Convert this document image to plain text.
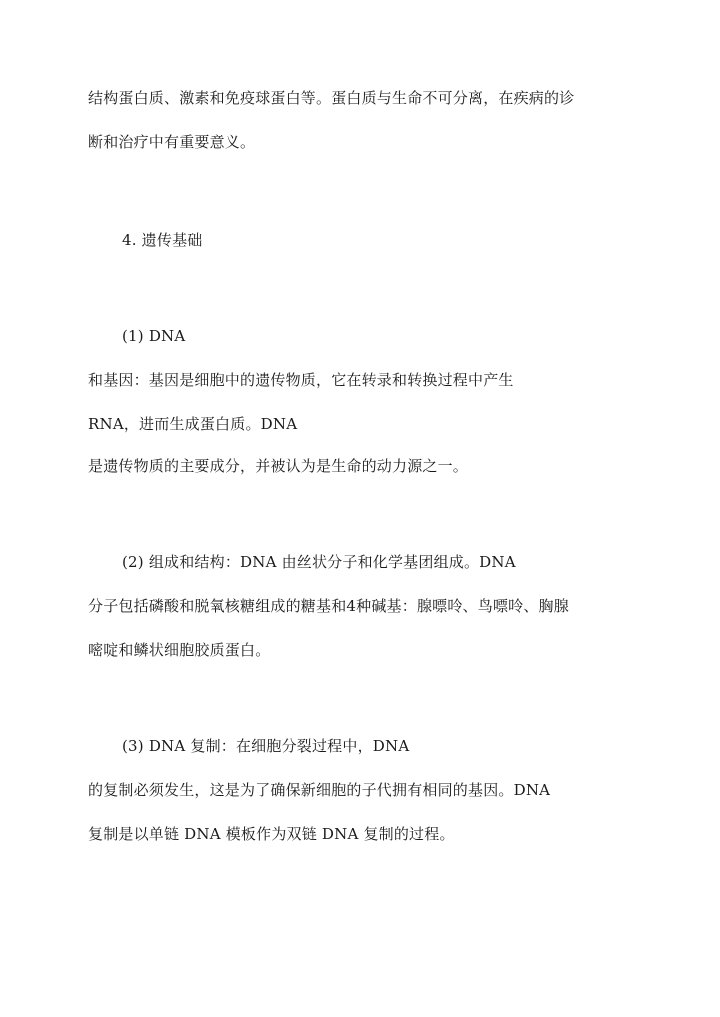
结构蛋白质、激素和免疫球蛋白等。蛋白质与生命不可分离，在疾病的诊
断和治疗中有重要意义。
4. 遗传基础
(1) DNA
和基因：基因是细胞中的遗传物质，它在转录和转换过程中产生
RNA，进而生成蛋白质。DNA
是遗传物质的主要成分，并被认为是生命的动力源之一。
(2) 组成和结构：DNA 由丝状分子和化学基团组成。DNA
分子包括磷酸和脱氧核糖组成的糖基和4种碱基：腺嘌呤、鸟嘌呤、胸腺
嘧啶和鳞状细胞胶质蛋白。
(3) DNA 复制：在细胞分裂过程中，DNA
的复制必须发生，这是为了确保新细胞的子代拥有相同的基因。DNA
复制是以单链 DNA 模板作为双链 DNA 复制的过程。
